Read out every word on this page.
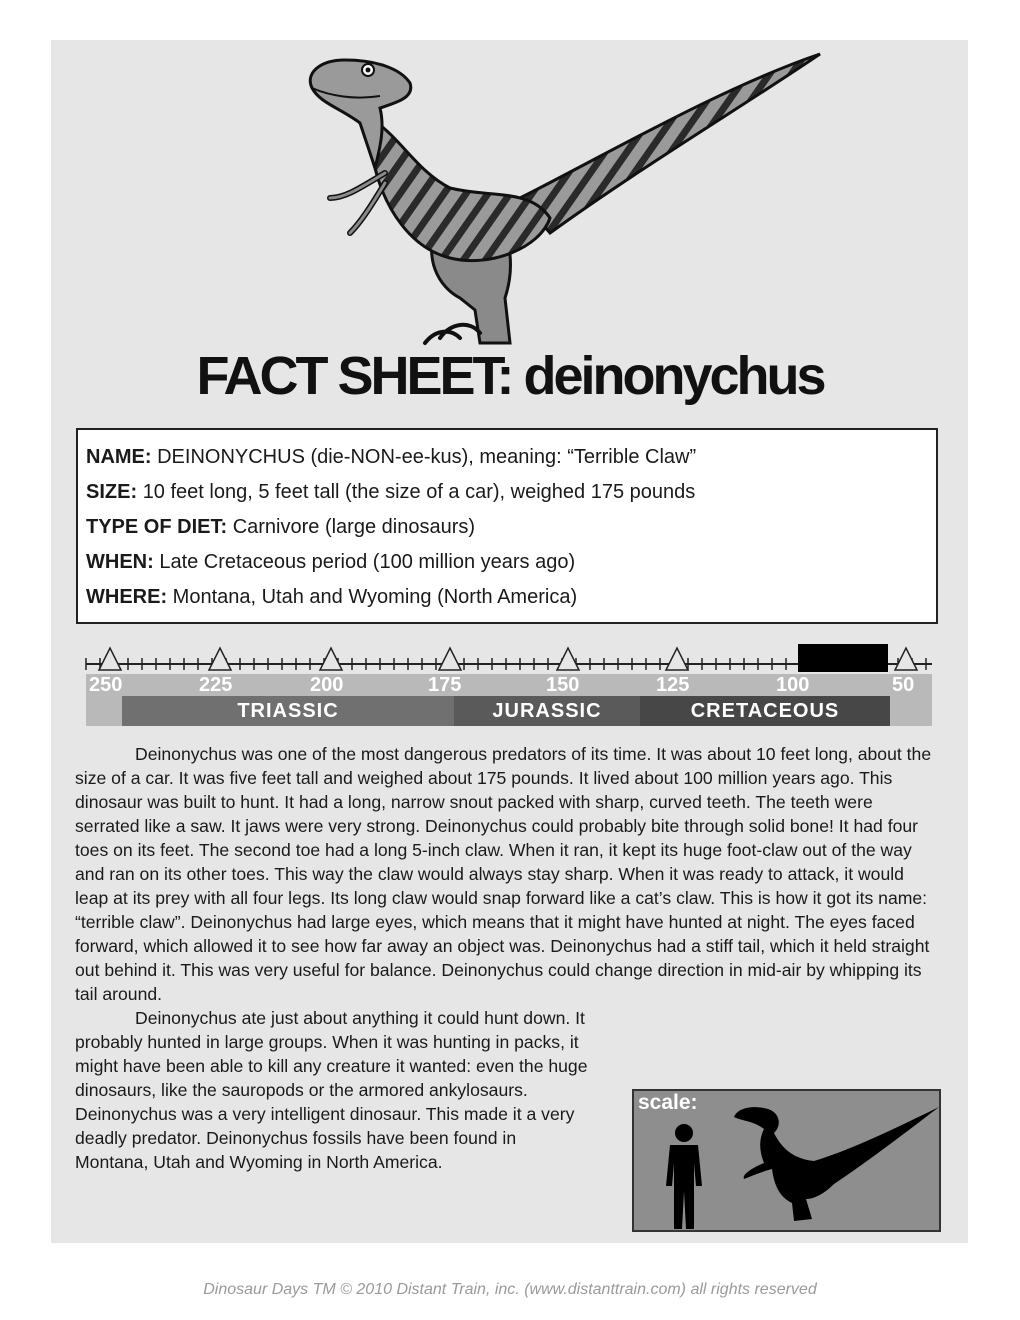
FACT SHEET: deinonychus
NAME: DEINONYCHUS (die-NON-ee-kus), meaning: “Terrible Claw”
SIZE: 10 feet long, 5 feet tall (the size of a car), weighed 175 pounds
TYPE OF DIET: Carnivore (large dinosaurs)
WHEN: Late Cretaceous period (100 million years ago)
WHERE: Montana, Utah and Wyoming (North America)
TRIASSIC	JURASSIC	CRETACEOUS
250	225	200	175	150	125	100	50

Deinonychus was one of the most dangerous predators of its time. It was about 10 feet long, about the size of a car. It was five feet tall and weighed about 175 pounds. It lived about 100 million years ago. This dinosaur was built to hunt. It had a long, narrow snout packed with sharp, curved teeth. The teeth were serrated like a saw. It jaws were very strong. Deinonychus could probably bite through solid bone! It had four toes on its feet. The second toe had a long 5-inch claw. When it ran, it kept its huge foot-claw out of the way and ran on its other toes. This way the claw would always stay sharp. When it was ready to attack, it would leap at its prey with all four legs. Its long claw would snap forward like a cat’s claw. This is how it got its name: “terrible claw”. Deinonychus had large eyes, which means that it might have hunted at night. The eyes faced forward, which allowed it to see how far away an object was. Deinonychus had a stiff tail, which it held straight out behind it. This was very useful for balance. Deinonychus could change direction in mid-air by whipping its tail around.

Deinonychus ate just about anything it could hunt down. It probably hunted in large groups. When it was hunting in packs, it might have been able to kill any creature it wanted: even the huge dinosaurs, like the sauropods or the armored ankylosaurs. Deinonychus was a very intelligent dinosaur. This made it a very deadly predator. Deinonychus fossils have been found in Montana, Utah and Wyoming in North America.

scale:
Dinosaur Days TM © 2010 Distant Train, inc. (www.distanttrain.com) all rights reserved
